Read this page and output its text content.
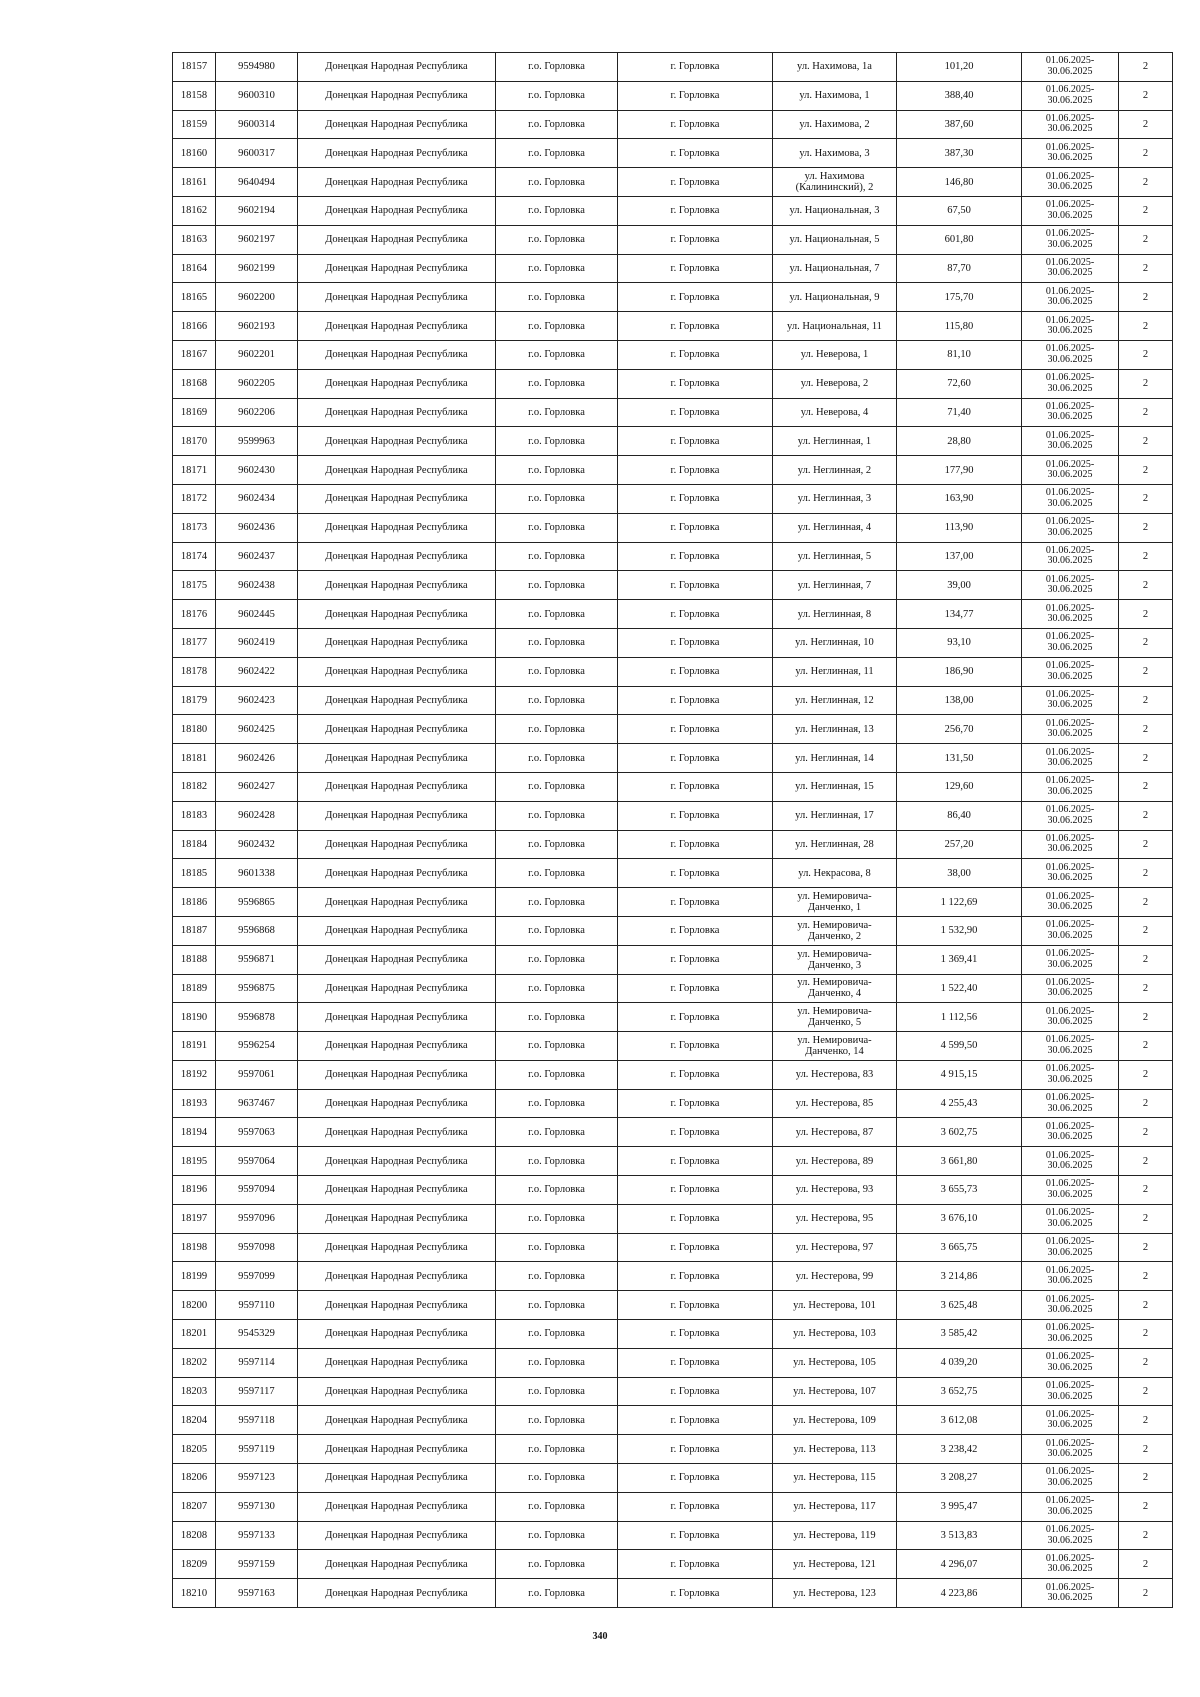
18157	9594980	Донецкая Народная Республика	г.о. Горловка	г. Горловка	ул. Нахимова, 1а	101,20	01.06.2025-30.06.2025	2
18158	9600310	Донецкая Народная Республика	г.о. Горловка	г. Горловка	ул. Нахимова, 1	388,40	01.06.2025-30.06.2025	2
18159	9600314	Донецкая Народная Республика	г.о. Горловка	г. Горловка	ул. Нахимова, 2	387,60	01.06.2025-30.06.2025	2
18160	9600317	Донецкая Народная Республика	г.о. Горловка	г. Горловка	ул. Нахимова, 3	387,30	01.06.2025-30.06.2025	2
18161	9640494	Донецкая Народная Республика	г.о. Горловка	г. Горловка	ул. Нахимова (Калининский), 2	146,80	01.06.2025-30.06.2025	2
18162	9602194	Донецкая Народная Республика	г.о. Горловка	г. Горловка	ул. Национальная, 3	67,50	01.06.2025-30.06.2025	2
18163	9602197	Донецкая Народная Республика	г.о. Горловка	г. Горловка	ул. Национальная, 5	601,80	01.06.2025-30.06.2025	2
18164	9602199	Донецкая Народная Республика	г.о. Горловка	г. Горловка	ул. Национальная, 7	87,70	01.06.2025-30.06.2025	2
18165	9602200	Донецкая Народная Республика	г.о. Горловка	г. Горловка	ул. Национальная, 9	175,70	01.06.2025-30.06.2025	2
18166	9602193	Донецкая Народная Республика	г.о. Горловка	г. Горловка	ул. Национальная, 11	115,80	01.06.2025-30.06.2025	2
18167	9602201	Донецкая Народная Республика	г.о. Горловка	г. Горловка	ул. Неверова, 1	81,10	01.06.2025-30.06.2025	2
18168	9602205	Донецкая Народная Республика	г.о. Горловка	г. Горловка	ул. Неверова, 2	72,60	01.06.2025-30.06.2025	2
18169	9602206	Донецкая Народная Республика	г.о. Горловка	г. Горловка	ул. Неверова, 4	71,40	01.06.2025-30.06.2025	2
18170	9599963	Донецкая Народная Республика	г.о. Горловка	г. Горловка	ул. Неглинная, 1	28,80	01.06.2025-30.06.2025	2
18171	9602430	Донецкая Народная Республика	г.о. Горловка	г. Горловка	ул. Неглинная, 2	177,90	01.06.2025-30.06.2025	2
18172	9602434	Донецкая Народная Республика	г.о. Горловка	г. Горловка	ул. Неглинная, 3	163,90	01.06.2025-30.06.2025	2
18173	9602436	Донецкая Народная Республика	г.о. Горловка	г. Горловка	ул. Неглинная, 4	113,90	01.06.2025-30.06.2025	2
18174	9602437	Донецкая Народная Республика	г.о. Горловка	г. Горловка	ул. Неглинная, 5	137,00	01.06.2025-30.06.2025	2
18175	9602438	Донецкая Народная Республика	г.о. Горловка	г. Горловка	ул. Неглинная, 7	39,00	01.06.2025-30.06.2025	2
18176	9602445	Донецкая Народная Республика	г.о. Горловка	г. Горловка	ул. Неглинная, 8	134,77	01.06.2025-30.06.2025	2
18177	9602419	Донецкая Народная Республика	г.о. Горловка	г. Горловка	ул. Неглинная, 10	93,10	01.06.2025-30.06.2025	2
18178	9602422	Донецкая Народная Республика	г.о. Горловка	г. Горловка	ул. Неглинная, 11	186,90	01.06.2025-30.06.2025	2
18179	9602423	Донецкая Народная Республика	г.о. Горловка	г. Горловка	ул. Неглинная, 12	138,00	01.06.2025-30.06.2025	2
18180	9602425	Донецкая Народная Республика	г.о. Горловка	г. Горловка	ул. Неглинная, 13	256,70	01.06.2025-30.06.2025	2
18181	9602426	Донецкая Народная Республика	г.о. Горловка	г. Горловка	ул. Неглинная, 14	131,50	01.06.2025-30.06.2025	2
18182	9602427	Донецкая Народная Республика	г.о. Горловка	г. Горловка	ул. Неглинная, 15	129,60	01.06.2025-30.06.2025	2
18183	9602428	Донецкая Народная Республика	г.о. Горловка	г. Горловка	ул. Неглинная, 17	86,40	01.06.2025-30.06.2025	2
18184	9602432	Донецкая Народная Республика	г.о. Горловка	г. Горловка	ул. Неглинная, 28	257,20	01.06.2025-30.06.2025	2
18185	9601338	Донецкая Народная Республика	г.о. Горловка	г. Горловка	ул. Некрасова, 8	38,00	01.06.2025-30.06.2025	2
18186	9596865	Донецкая Народная Республика	г.о. Горловка	г. Горловка	ул. Немировича-Данченко, 1	1 122,69	01.06.2025-30.06.2025	2
18187	9596868	Донецкая Народная Республика	г.о. Горловка	г. Горловка	ул. Немировича-Данченко, 2	1 532,90	01.06.2025-30.06.2025	2
18188	9596871	Донецкая Народная Республика	г.о. Горловка	г. Горловка	ул. Немировича-Данченко, 3	1 369,41	01.06.2025-30.06.2025	2
18189	9596875	Донецкая Народная Республика	г.о. Горловка	г. Горловка	ул. Немировича-Данченко, 4	1 522,40	01.06.2025-30.06.2025	2
18190	9596878	Донецкая Народная Республика	г.о. Горловка	г. Горловка	ул. Немировича-Данченко, 5	1 112,56	01.06.2025-30.06.2025	2
18191	9596254	Донецкая Народная Республика	г.о. Горловка	г. Горловка	ул. Немировича-Данченко, 14	4 599,50	01.06.2025-30.06.2025	2
18192	9597061	Донецкая Народная Республика	г.о. Горловка	г. Горловка	ул. Нестерова, 83	4 915,15	01.06.2025-30.06.2025	2
18193	9637467	Донецкая Народная Республика	г.о. Горловка	г. Горловка	ул. Нестерова, 85	4 255,43	01.06.2025-30.06.2025	2
18194	9597063	Донецкая Народная Республика	г.о. Горловка	г. Горловка	ул. Нестерова, 87	3 602,75	01.06.2025-30.06.2025	2
18195	9597064	Донецкая Народная Республика	г.о. Горловка	г. Горловка	ул. Нестерова, 89	3 661,80	01.06.2025-30.06.2025	2
18196	9597094	Донецкая Народная Республика	г.о. Горловка	г. Горловка	ул. Нестерова, 93	3 655,73	01.06.2025-30.06.2025	2
18197	9597096	Донецкая Народная Республика	г.о. Горловка	г. Горловка	ул. Нестерова, 95	3 676,10	01.06.2025-30.06.2025	2
18198	9597098	Донецкая Народная Республика	г.о. Горловка	г. Горловка	ул. Нестерова, 97	3 665,75	01.06.2025-30.06.2025	2
18199	9597099	Донецкая Народная Республика	г.о. Горловка	г. Горловка	ул. Нестерова, 99	3 214,86	01.06.2025-30.06.2025	2
18200	9597110	Донецкая Народная Республика	г.о. Горловка	г. Горловка	ул. Нестерова, 101	3 625,48	01.06.2025-30.06.2025	2
18201	9545329	Донецкая Народная Республика	г.о. Горловка	г. Горловка	ул. Нестерова, 103	3 585,42	01.06.2025-30.06.2025	2
18202	9597114	Донецкая Народная Республика	г.о. Горловка	г. Горловка	ул. Нестерова, 105	4 039,20	01.06.2025-30.06.2025	2
18203	9597117	Донецкая Народная Республика	г.о. Горловка	г. Горловка	ул. Нестерова, 107	3 652,75	01.06.2025-30.06.2025	2
18204	9597118	Донецкая Народная Республика	г.о. Горловка	г. Горловка	ул. Нестерова, 109	3 612,08	01.06.2025-30.06.2025	2
18205	9597119	Донецкая Народная Республика	г.о. Горловка	г. Горловка	ул. Нестерова, 113	3 238,42	01.06.2025-30.06.2025	2
18206	9597123	Донецкая Народная Республика	г.о. Горловка	г. Горловка	ул. Нестерова, 115	3 208,27	01.06.2025-30.06.2025	2
18207	9597130	Донецкая Народная Республика	г.о. Горловка	г. Горловка	ул. Нестерова, 117	3 995,47	01.06.2025-30.06.2025	2
18208	9597133	Донецкая Народная Республика	г.о. Горловка	г. Горловка	ул. Нестерова, 119	3 513,83	01.06.2025-30.06.2025	2
18209	9597159	Донецкая Народная Республика	г.о. Горловка	г. Горловка	ул. Нестерова, 121	4 296,07	01.06.2025-30.06.2025	2
18210	9597163	Донецкая Народная Республика	г.о. Горловка	г. Горловка	ул. Нестерова, 123	4 223,86	01.06.2025-30.06.2025	2
340
